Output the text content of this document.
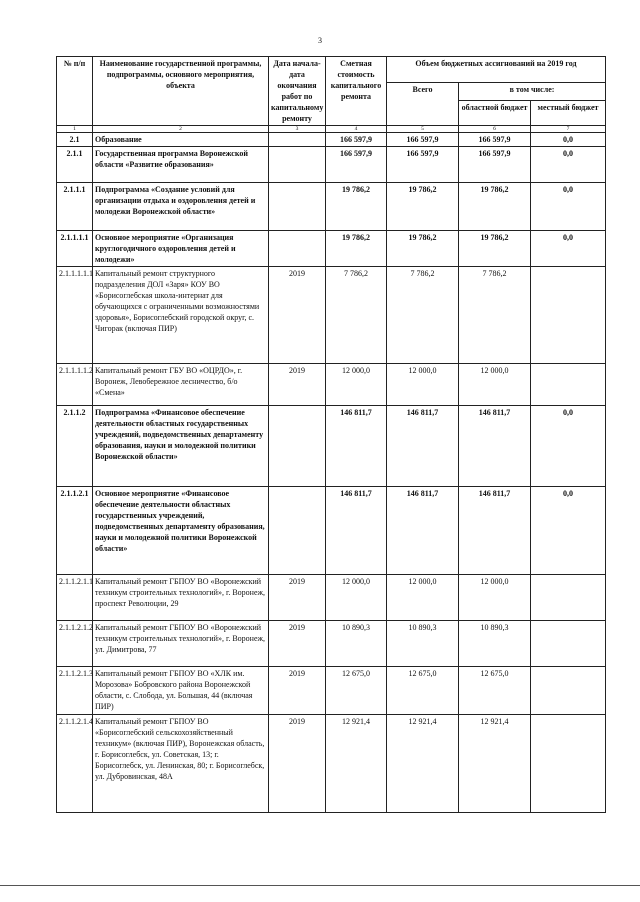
3
№ п/п	Наименование государственной программы, подпрограммы, основного мероприятия, объекта	Дата начала-дата окончания работ по капитальному ремонту	Сметная стоимость капитального ремонта	Объем бюджетных ассигнований на 2019 год		
				Всего	в том числе:	
					областной бюджет	местный бюджет
1	2	3	4	5	6	7
2.1	Образование		166 597,9	166 597,9	166 597,9	0,0
2.1.1	Государственная программа Воронежской области «Развитие образования»		166 597,9	166 597,9	166 597,9	0,0
2.1.1.1	Подпрограмма «Создание условий для организации отдыха и оздоровления детей и молодежи Воронежской области»		19 786,2	19 786,2	19 786,2	0,0
2.1.1.1.1	Основное мероприятие «Организация круглогодичного оздоровления детей и молодежи»		19 786,2	19 786,2	19 786,2	0,0
2.1.1.1.1.1	Капитальный ремонт структурного подразделения ДОЛ «Заря» КОУ ВО «Борисоглебская школа-интернат для обучающихся с ограниченными возможностями здоровья», Борисоглебский городской округ, с. Чигорак (включая ПИР)	2019	7 786,2	7 786,2	7 786,2	
2.1.1.1.1.2	Капитальный ремонт ГБУ ВО «ОЦРДО», г. Воронеж, Левобережное лесничество, б/о «Смена»	2019	12 000,0	12 000,0	12 000,0	
2.1.1.2	Подпрограмма «Финансовое обеспечение деятельности областных государственных учреждений, подведомственных департаменту образования, науки и молодежной политики Воронежской области»		146 811,7	146 811,7	146 811,7	0,0
2.1.1.2.1	Основное мероприятие «Финансовое обеспечение деятельности областных государственных учреждений, подведомственных департаменту образования, науки и молодежной политики Воронежской области»		146 811,7	146 811,7	146 811,7	0,0
2.1.1.2.1.1	Капитальный ремонт ГБПОУ ВО «Воронежский техникум строительных технологий», г. Воронеж, проспект Революции, 29	2019	12 000,0	12 000,0	12 000,0	
2.1.1.2.1.2	Капитальный ремонт ГБПОУ ВО «Воронежский техникум строительных технологий», г. Воронеж, ул. Димитрова, 77	2019	10 890,3	10 890,3	10 890,3	
2.1.1.2.1.3	Капитальный ремонт ГБПОУ ВО «ХЛК им. Морозова» Бобровского района Воронежской области, с. Слобода, ул. Большая, 44 (включая ПИР)	2019	12 675,0	12 675,0	12 675,0	
2.1.1.2.1.4	Капитальный ремонт ГБПОУ ВО «Борисоглебский сельскохозяйственный техникум» (включая ПИР), Воронежская область, г. Борисоглебск, ул. Советская, 13; г. Борисоглебск, ул. Ленинская, 80; г. Борисоглебск, ул. Дубровинская, 48А	2019	12 921,4	12 921,4	12 921,4	
